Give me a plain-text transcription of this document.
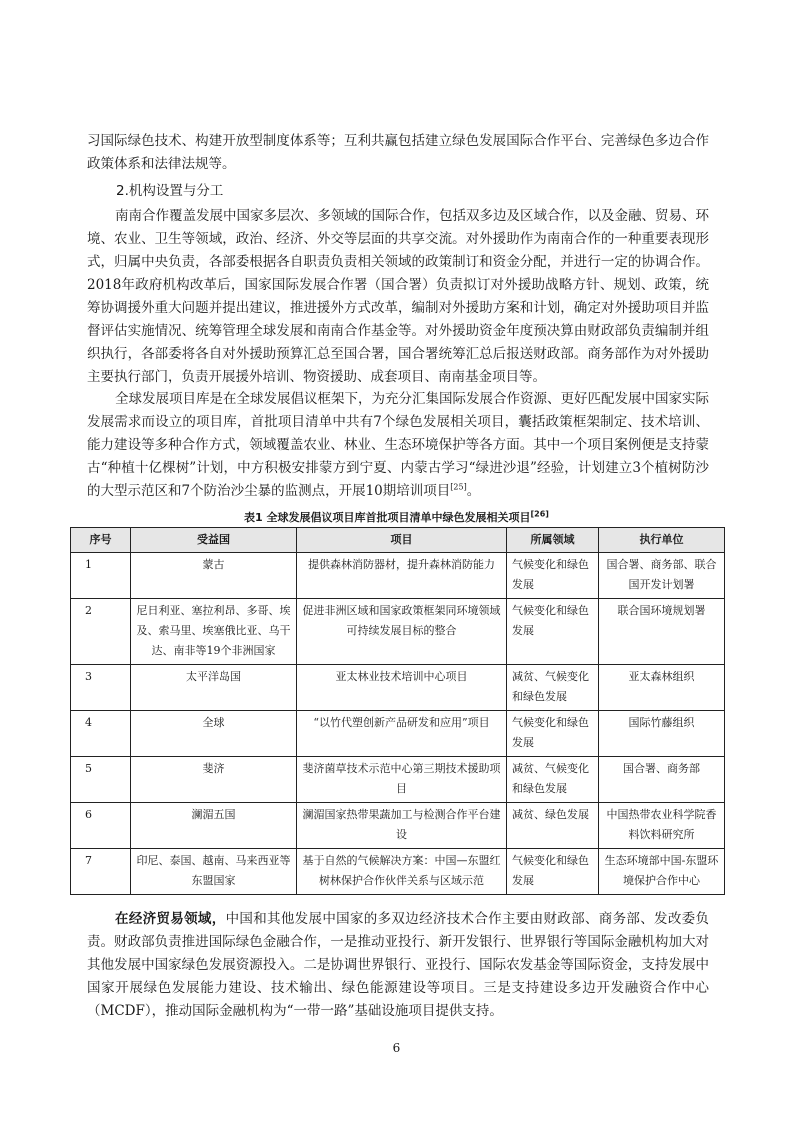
习国际绿色技术、构建开放型制度体系等；互利共赢包括建立绿色发展国际合作平台、完善绿色多边合作政策体系和法律法规等。
2.机构设置与分工
南南合作覆盖发展中国家多层次、多领域的国际合作，包括双多边及区域合作，以及金融、贸易、环境、农业、卫生等领域，政治、经济、外交等层面的共享交流。对外援助作为南南合作的一种重要表现形式，归属中央负责，各部委根据各自职责负责相关领域的政策制订和资金分配，并进行一定的协调合作。2018年政府机构改革后，国家国际发展合作署（国合署）负责拟订对外援助战略方针、规划、政策，统筹协调援外重大问题并提出建议，推进援外方式改革，编制对外援助方案和计划，确定对外援助项目并监督评估实施情况、统筹管理全球发展和南南合作基金等。对外援助资金年度预决算由财政部负责编制并组织执行，各部委将各自对外援助预算汇总至国合署，国合署统筹汇总后报送财政部。商务部作为对外援助主要执行部门，负责开展援外培训、物资援助、成套项目、南南基金项目等。
全球发展项目库是在全球发展倡议框架下，为充分汇集国际发展合作资源、更好匹配发展中国家实际发展需求而设立的项目库，首批项目清单中共有7个绿色发展相关项目，囊括政策框架制定、技术培训、能力建设等多种合作方式，领域覆盖农业、林业、生态环境保护等各方面。其中一个项目案例便是支持蒙古“种植十亿棵树”计划，中方积极安排蒙方到宁夏、内蒙古学习“绿进沙退”经验，计划建立3个植树防沙的大型示范区和7个防治沙尘暴的监测点，开展10期培训项目[25]。
表1 全球发展倡议项目库首批项目清单中绿色发展相关项目[26]
序号	受益国	项目	所属领域	执行单位
1	蒙古	提供森林消防器材，提升森林消防能力	气候变化和绿色发展	国合署、商务部、联合国开发计划署
2	尼日利亚、塞拉利昂、多哥、埃及、索马里、埃塞俄比亚、乌干达、南非等19个非洲国家	促进非洲区域和国家政策框架同环境领域可持续发展目标的整合	气候变化和绿色发展	联合国环境规划署
3	太平洋岛国	亚太林业技术培训中心项目	减贫、气候变化和绿色发展	亚太森林组织
4	全球	“以竹代塑创新产品研发和应用”项目	气候变化和绿色发展	国际竹藤组织
5	斐济	斐济菌草技术示范中心第三期技术援助项目	减贫、气候变化和绿色发展	国合署、商务部
6	澜湄五国	澜湄国家热带果蔬加工与检测合作平台建设	减贫、绿色发展	中国热带农业科学院香料饮料研究所
7	印尼、泰国、越南、马来西亚等东盟国家	基于自然的气候解决方案：中国—东盟红树林保护合作伙伴关系与区域示范	气候变化和绿色发展	生态环境部中国-东盟环境保护合作中心
在经济贸易领域，中国和其他发展中国家的多双边经济技术合作主要由财政部、商务部、发改委负责。财政部负责推进国际绿色金融合作，一是推动亚投行、新开发银行、世界银行等国际金融机构加大对其他发展中国家绿色发展资源投入。二是协调世界银行、亚投行、国际农发基金等国际资金，支持发展中国家开展绿色发展能力建设、技术输出、绿色能源建设等项目。三是支持建设多边开发融资合作中心（MCDF），推动国际金融机构为“一带一路”基础设施项目提供支持。
6
